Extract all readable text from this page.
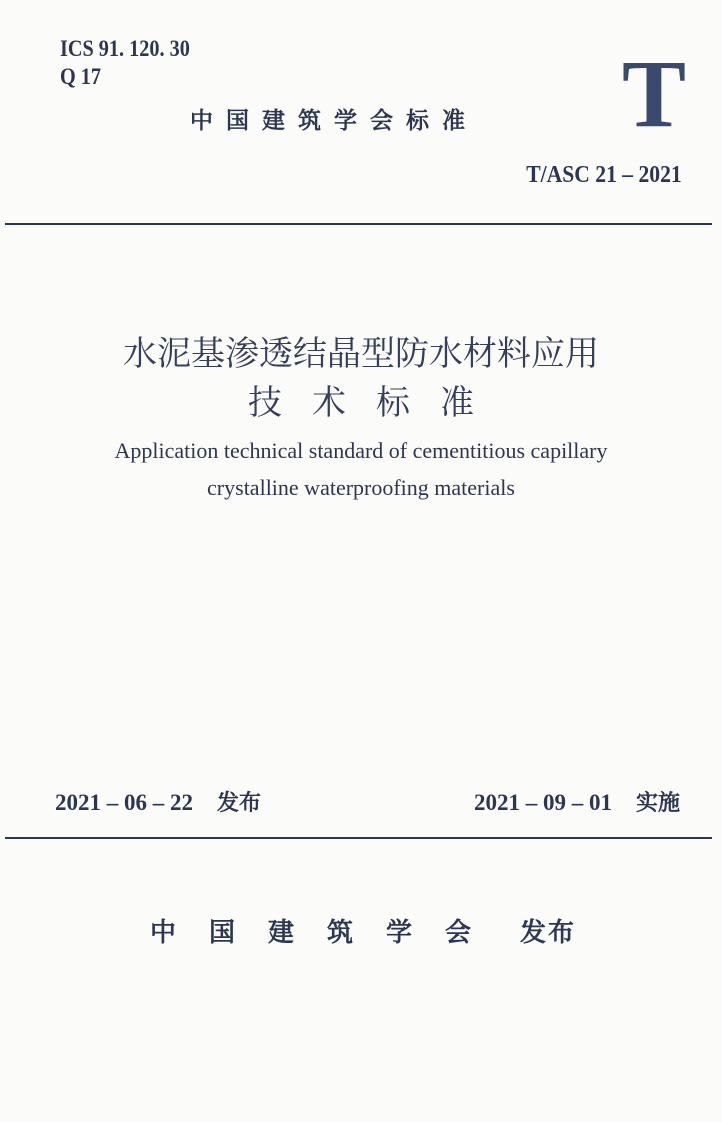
ICS 91. 120. 30
Q 17
中国建筑学会标准 T
T/ASC 21 – 2021
水泥基渗透结晶型防水材料应用
技术标准
Application technical standard of cementitious capillary
crystalline waterproofing materials
2021 – 06 – 22 发布	2021 – 09 – 01 实施
中国建筑学会 发布
